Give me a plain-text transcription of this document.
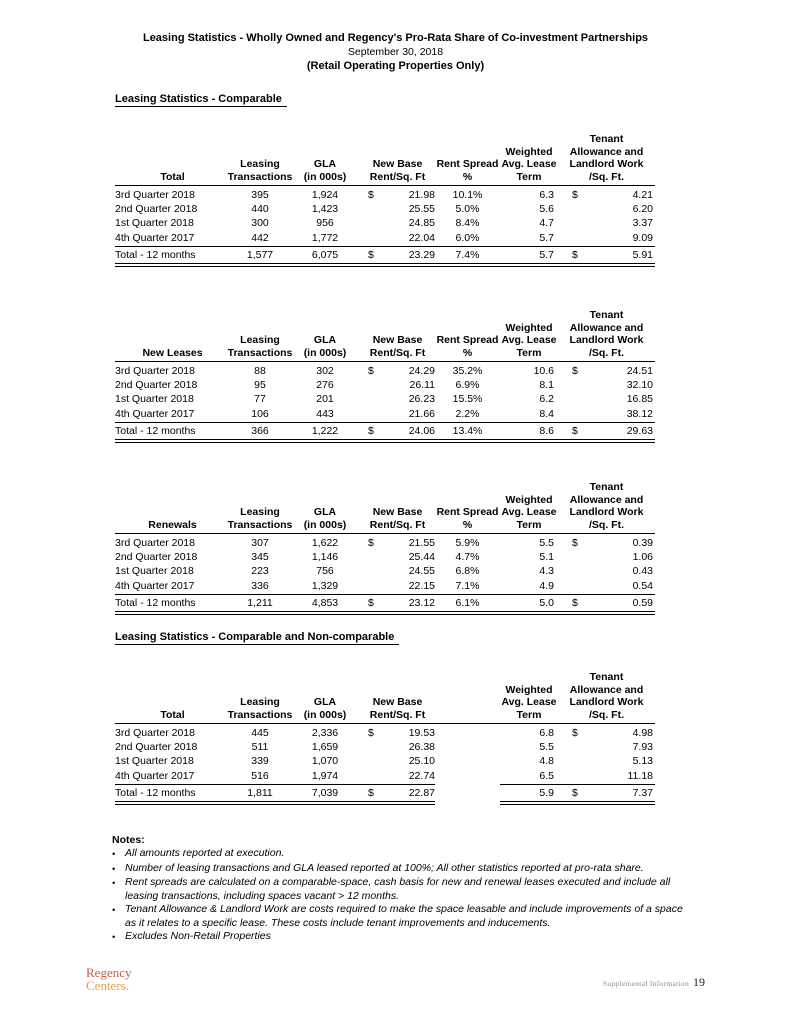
Leasing Statistics - Wholly Owned and Regency's Pro-Rata Share of Co-investment Partnerships
September 30, 2018
(Retail Operating Properties Only)
Leasing Statistics - Comparable
Total
Leasing
Transactions
GLA
(in 000s)
New Base
Rent/Sq. Ft
Rent Spread
%
Weighted
Avg. Lease
Term
Tenant
Allowance and
Landlord Work
/Sq. Ft.
3rd Quarter 2018	395	1,924	$	21.98	10.1%	6.3	$	4.21
2nd Quarter 2018	440	1,423	25.55	5.0%	5.6	6.20
1st Quarter 2018	300	956	24.85	8.4%	4.7	3.37
4th Quarter 2017	442	1,772	22.04	6.0%	5.7	9.09
Total - 12 months	1,577	6,075	$	23.29	7.4%	5.7	$	5.91
New Leases
Leasing
Transactions
GLA
(in 000s)
New Base
Rent/Sq. Ft
Rent Spread
%
Weighted
Avg. Lease
Term
Tenant
Allowance and
Landlord Work
/Sq. Ft.
3rd Quarter 2018	88	302	$	24.29	35.2%	10.6	$	24.51
2nd Quarter 2018	95	276	26.11	6.9%	8.1	32.10
1st Quarter 2018	77	201	26.23	15.5%	6.2	16.85
4th Quarter 2017	106	443	21.66	2.2%	8.4	38.12
Total - 12 months	366	1,222	$	24.06	13.4%	8.6	$	29.63
Renewals
Leasing
Transactions
GLA
(in 000s)
New Base
Rent/Sq. Ft
Rent Spread
%
Weighted
Avg. Lease
Term
Tenant
Allowance and
Landlord Work
/Sq. Ft.
3rd Quarter 2018	307	1,622	$	21.55	5.9%	5.5	$	0.39
2nd Quarter 2018	345	1,146	25.44	4.7%	5.1	1.06
1st Quarter 2018	223	756	24.55	6.8%	4.3	0.43
4th Quarter 2017	336	1,329	22.15	7.1%	4.9	0.54
Total - 12 months	1,211	4,853	$	23.12	6.1%	5.0	$	0.59
Leasing Statistics - Comparable and Non-comparable
Total
Leasing
Transactions
GLA
(in 000s)
New Base
Rent/Sq. Ft
Weighted
Avg. Lease
Term
Tenant
Allowance and
Landlord Work
/Sq. Ft.
3rd Quarter 2018	445	2,336	$	19.53	6.8	$	4.98
2nd Quarter 2018	511	1,659	26.38	5.5	7.93
1st Quarter 2018	339	1,070	25.10	4.8	5.13
4th Quarter 2017	516	1,974	22.74	6.5	11.18
Total - 12 months	1,811	7,039	$	22.87	5.9	$	7.37
Notes:
• All amounts reported at execution.
• Number of leasing transactions and GLA leased reported at 100%; All other statistics reported at pro-rata share.
• Rent spreads are calculated on a comparable-space, cash basis for new and renewal leases executed and include all leasing transactions, including spaces vacant > 12 months.
• Tenant Allowance & Landlord Work are costs required to make the space leasable and include improvements of a space as it relates to a specific lease. These costs include tenant improvements and inducements.
• Excludes Non-Retail Properties
Regency
Centers.	Supplemental Information 19
